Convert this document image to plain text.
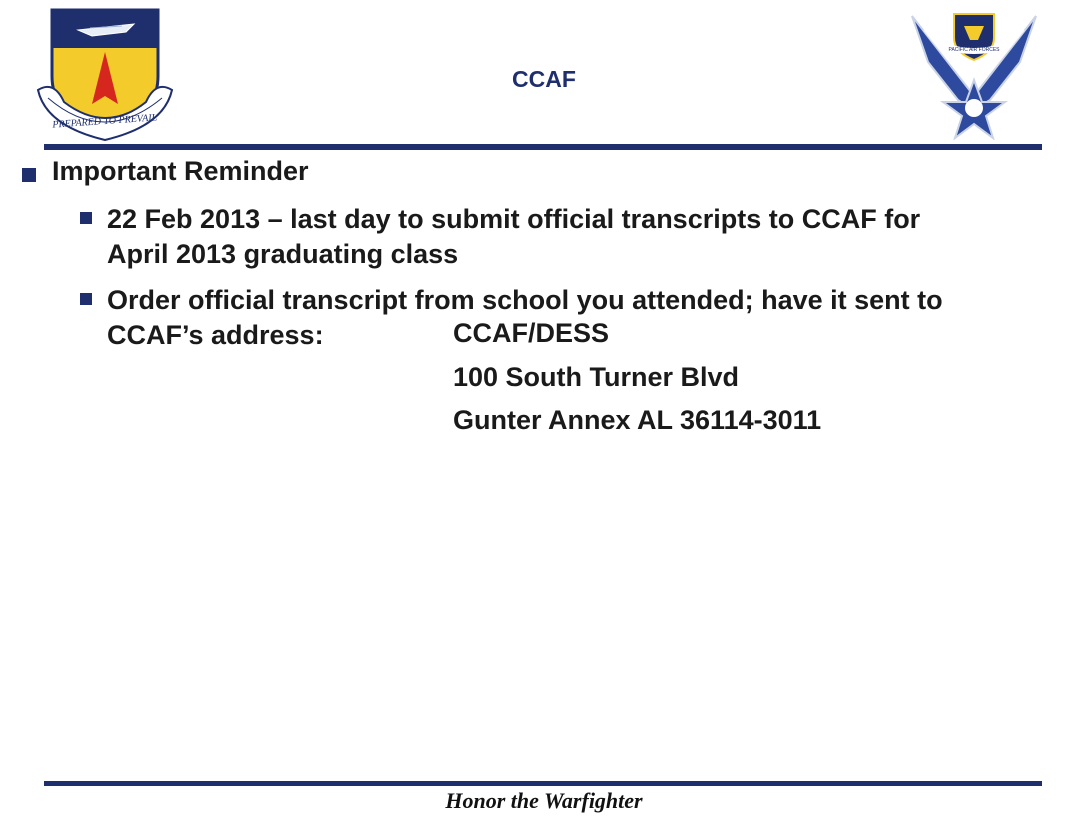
PREPARED TO PREVAIL
CCAF
PACIFIC AIR FORCES
Important Reminder
22 Feb 2013 – last day to submit official transcripts to CCAF for
April 2013 graduating class
Order official transcript from school you attended; have it sent to
CCAF’s address:	CCAF/DESS
100 South Turner Blvd
Gunter Annex AL 36114-3011
Honor the Warfighter
